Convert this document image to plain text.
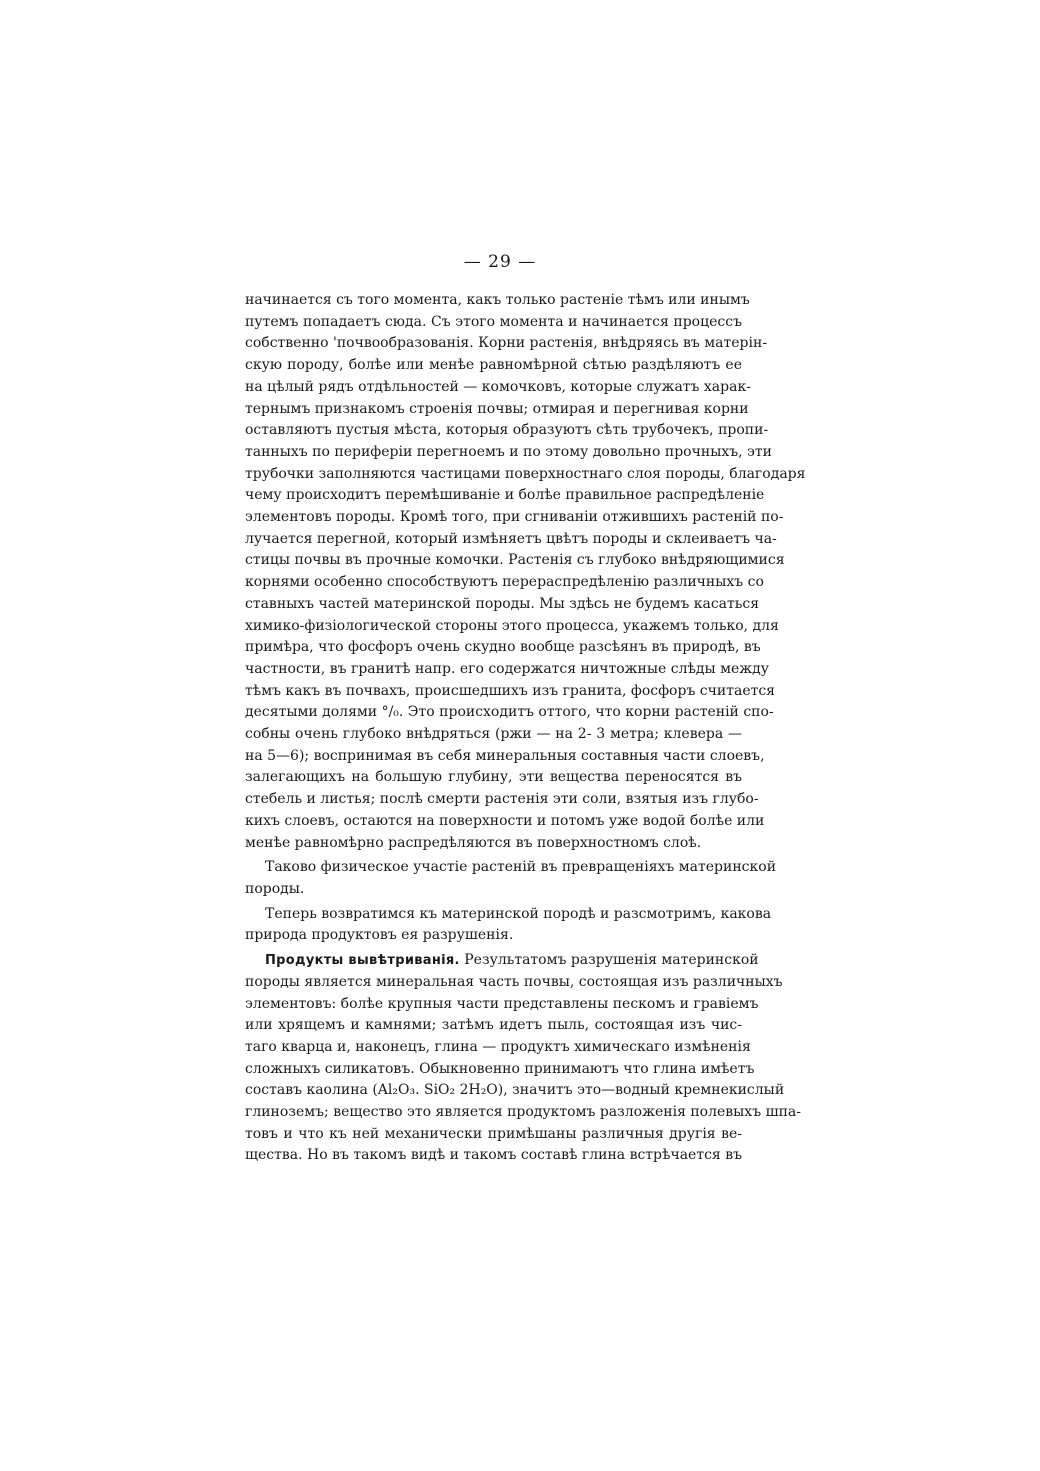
— 29 —
начинается съ того момента, какъ только растеніе тѣмъ или инымъ
путемъ попадаетъ сюда. Съ этого момента и начинается процессъ
собственно 'почвообразованія. Корни растенія, внѣдряясь въ матерін-
скую породу, болѣе или менѣе равномѣрной сѣтью раздѣляютъ ее
на цѣлый рядъ отдѣльностей — комочковъ, которые служатъ харак-
тернымъ признакомъ строенія почвы; отмирая и перегнивая корни
оставляютъ пустыя мѣста, которыя образуютъ сѣть трубочекъ, пропи-
танныхъ по периферіи перегноемъ и по этому довольно прочныхъ, эти
трубочки заполняются частицами поверхностнаго слоя породы, благодаря
чему происходитъ перемѣшиваніе и болѣе правильное распредѣленіе
элементовъ породы. Кромѣ того, при сгниваніи отжившихъ растеній по-
лучается перегной, который измѣняетъ цвѣтъ породы и склеиваетъ ча-
стицы почвы въ прочные комочки. Растенія съ глубоко внѣдряющимися
корнями особенно способствуютъ перераспредѣленію различныхъ со
ставныхъ частей материнской породы. Мы здѣсь не будемъ касаться
химико-физіологической стороны этого процесса, укажемъ только, для
примѣра, что фосфоръ очень скудно вообще разсѣянъ въ природѣ, въ
частности, въ гранитѣ напр. его содержатся ничтожные слѣды между
тѣмъ какъ въ почвахъ, происшедшихъ изъ гранита, фосфоръ считается
десятыми долями °/₀. Это происходитъ оттого, что корни растеній спо-
собны очень глубоко внѣдряться (ржи — на 2- 3 метра; клевера —
на 5—6); воспринимая въ себя минеральныя составныя части слоевъ,
залегающихъ на большую глубину, эти вещества переносятся въ
стебель и листья; послѣ смерти растенія эти соли, взятыя изъ глубо-
кихъ слоевъ, остаются на поверхности и потомъ уже водой болѣе или
менѣе равномѣрно распредѣляются въ поверхностномъ слоѣ.
Таково физическое участіе растеній въ превращеніяхъ материнской
породы.
Теперь возвратимся къ материнской породѣ и разсмотримъ, какова
природа продуктовъ ея разрушенія.
Продукты вывѣтриванія. Результатомъ разрушенія материнской
породы является минеральная часть почвы, состоящая изъ различныхъ
элементовъ: болѣе крупныя части представлены пескомъ и гравіемъ
или хрящемъ и камнями; затѣмъ идетъ пыль, состоящая изъ чис-
таго кварца и, наконецъ, глина — продуктъ химическаго измѣненія
сложныхъ силикатовъ. Обыкновенно принимаютъ что глина имѣетъ
составъ каолина (Al₂O₃. SiO₂ 2H₂O), значитъ это—водный кремнекислый
глиноземъ; вещество это является продуктомъ разложенія полевыхъ шпа-
товъ и что къ ней механически примѣшаны различныя другія ве-
щества. Но въ такомъ видѣ и такомъ составѣ глина встрѣчается въ
